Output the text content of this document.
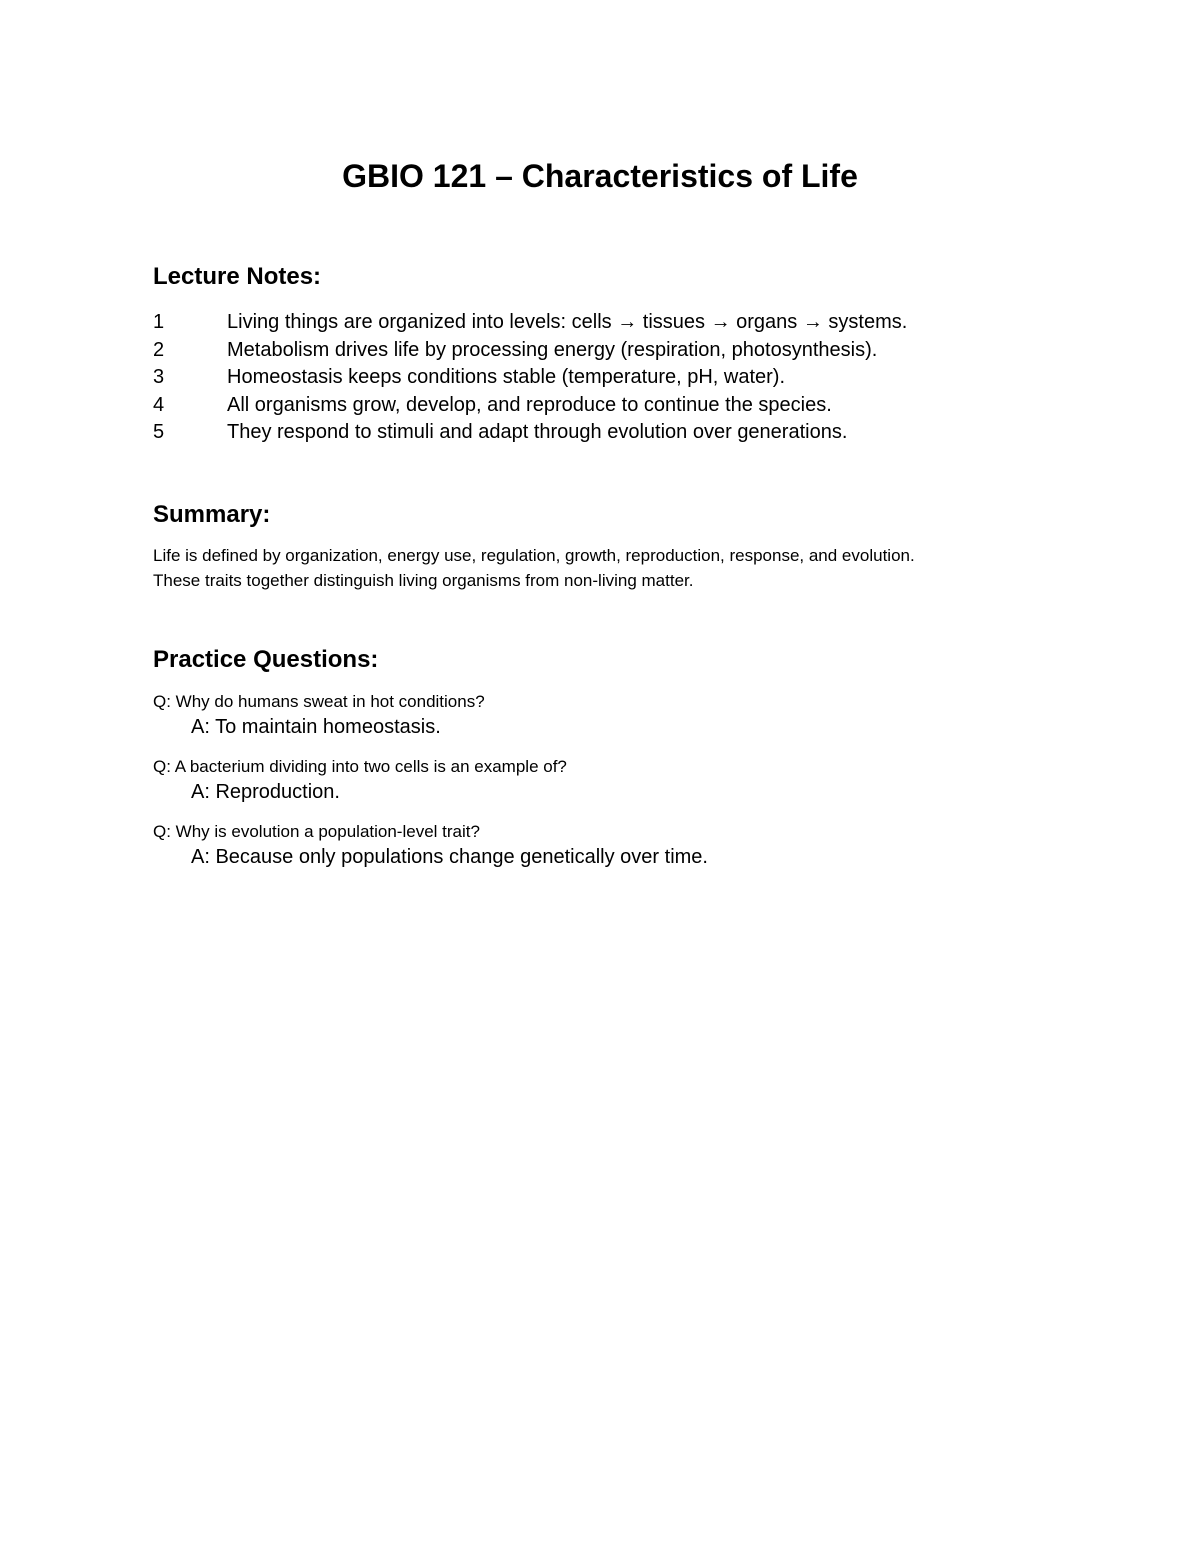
GBIO 121 – Characteristics of Life
Lecture Notes:
1	Living things are organized into levels: cells → tissues → organs → systems.
2	Metabolism drives life by processing energy (respiration, photosynthesis).
3	Homeostasis keeps conditions stable (temperature, pH, water).
4	All organisms grow, develop, and reproduce to continue the species.
5	They respond to stimuli and adapt through evolution over generations.
Summary:

Life is defined by organization, energy use, regulation, growth, reproduction, response, and evolution.
These traits together distinguish living organisms from non-living matter.

Practice Questions:

Q: Why do humans sweat in hot conditions?

A: To maintain homeostasis.

Q: A bacterium dividing into two cells is an example of?

A: Reproduction.

Q: Why is evolution a population-level trait?

A: Because only populations change genetically over time.
